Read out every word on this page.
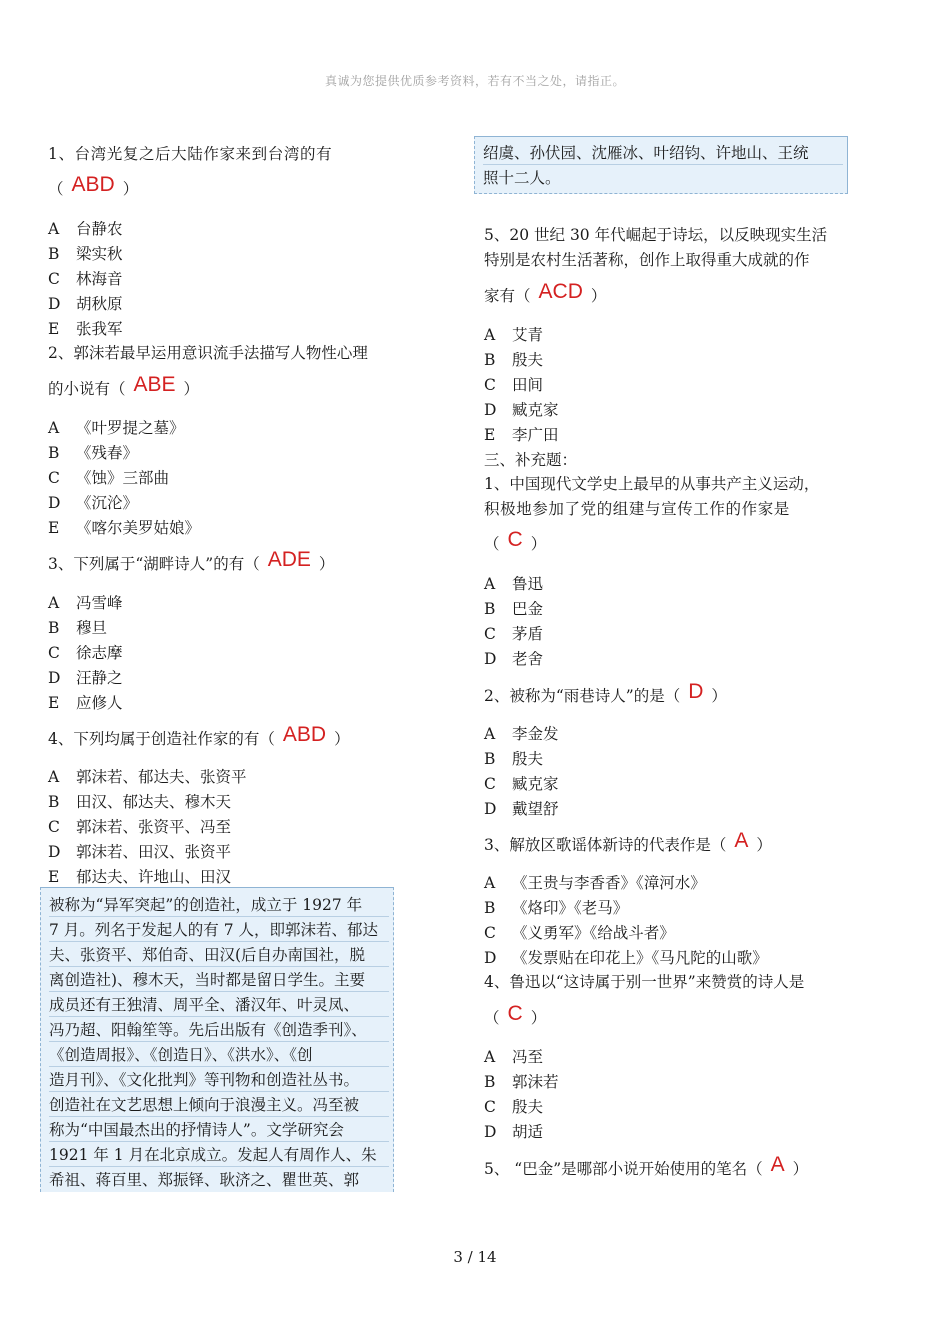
真诚为您提供优质参考资料，若有不当之处，请指正。
1、台湾光复之后大陆作家来到台湾的有
（ ABD ）
A 台静农
B 梁实秋
C 林海音
D 胡秋原
E 张我军
2、郭沫若最早运用意识流手法描写人物性心理
的小说有（ ABE ）
A 《叶罗提之墓》
B 《残春》
C 《蚀》三部曲
D 《沉沦》
E 《喀尔美罗姑娘》
3、下列属于“湖畔诗人”的有（ ADE ）
A 冯雪峰
B 穆旦
C 徐志摩
D 汪静之
E 应修人
4、下列均属于创造社作家的有（ ABD ）
A 郭沫若、郁达夫、张资平
B 田汉、郁达夫、穆木天
C 郭沫若、张资平、冯至
D 郭沫若、田汉、张资平
E 郁达夫、许地山、田汉
被称为“异军突起”的创造社，成立于 1927 年
7 月。列名于发起人的有 7 人，即郭沫若、郁达
夫、张资平、郑伯奇、田汉(后自办南国社，脱
离创造社)、穆木天，当时都是留日学生。主要
成员还有王独清、周平全、潘汉年、叶灵凤、
冯乃超、阳翰笙等。先后出版有《创造季刊》、
《创造周报》、《创造日》、《洪水》、《创
造月刊》、《文化批判》等刊物和创造社丛书。
创造社在文艺思想上倾向于浪漫主义。冯至被
称为“中国最杰出的抒情诗人”。文学研究会
1921 年 1 月在北京成立。发起人有周作人、朱
希祖、蒋百里、郑振铎、耿济之、瞿世英、郭
绍虞、孙伏园、沈雁冰、叶绍钧、许地山、王统
照十二人。
5、20 世纪 30 年代崛起于诗坛，以反映现实生活
特别是农村生活著称，创作上取得重大成就的作
家有（ ACD ）
A 艾青
B 殷夫
C 田间
D 臧克家
E 李广田
三、补充题：
1、中国现代文学史上最早的从事共产主义运动，
积极地参加了党的组建与宣传工作的作家是
（ C ）
A 鲁迅
B 巴金
C 茅盾
D 老舍
2、被称为“雨巷诗人”的是（ D ）
A 李金发
B 殷夫
C 臧克家
D 戴望舒
3、解放区歌谣体新诗的代表作是（ A ）
A 《王贵与李香香》《漳河水》
B 《烙印》《老马》
C 《义勇军》《给战斗者》
D 《发票贴在印花上》《马凡陀的山歌》
4、鲁迅以“这诗属于别一世界”来赞赏的诗人是
（ C ）
A 冯至
B 郭沫若
C 殷夫
D 胡适
5、 “巴金”是哪部小说开始使用的笔名（ A ）
3 / 14
